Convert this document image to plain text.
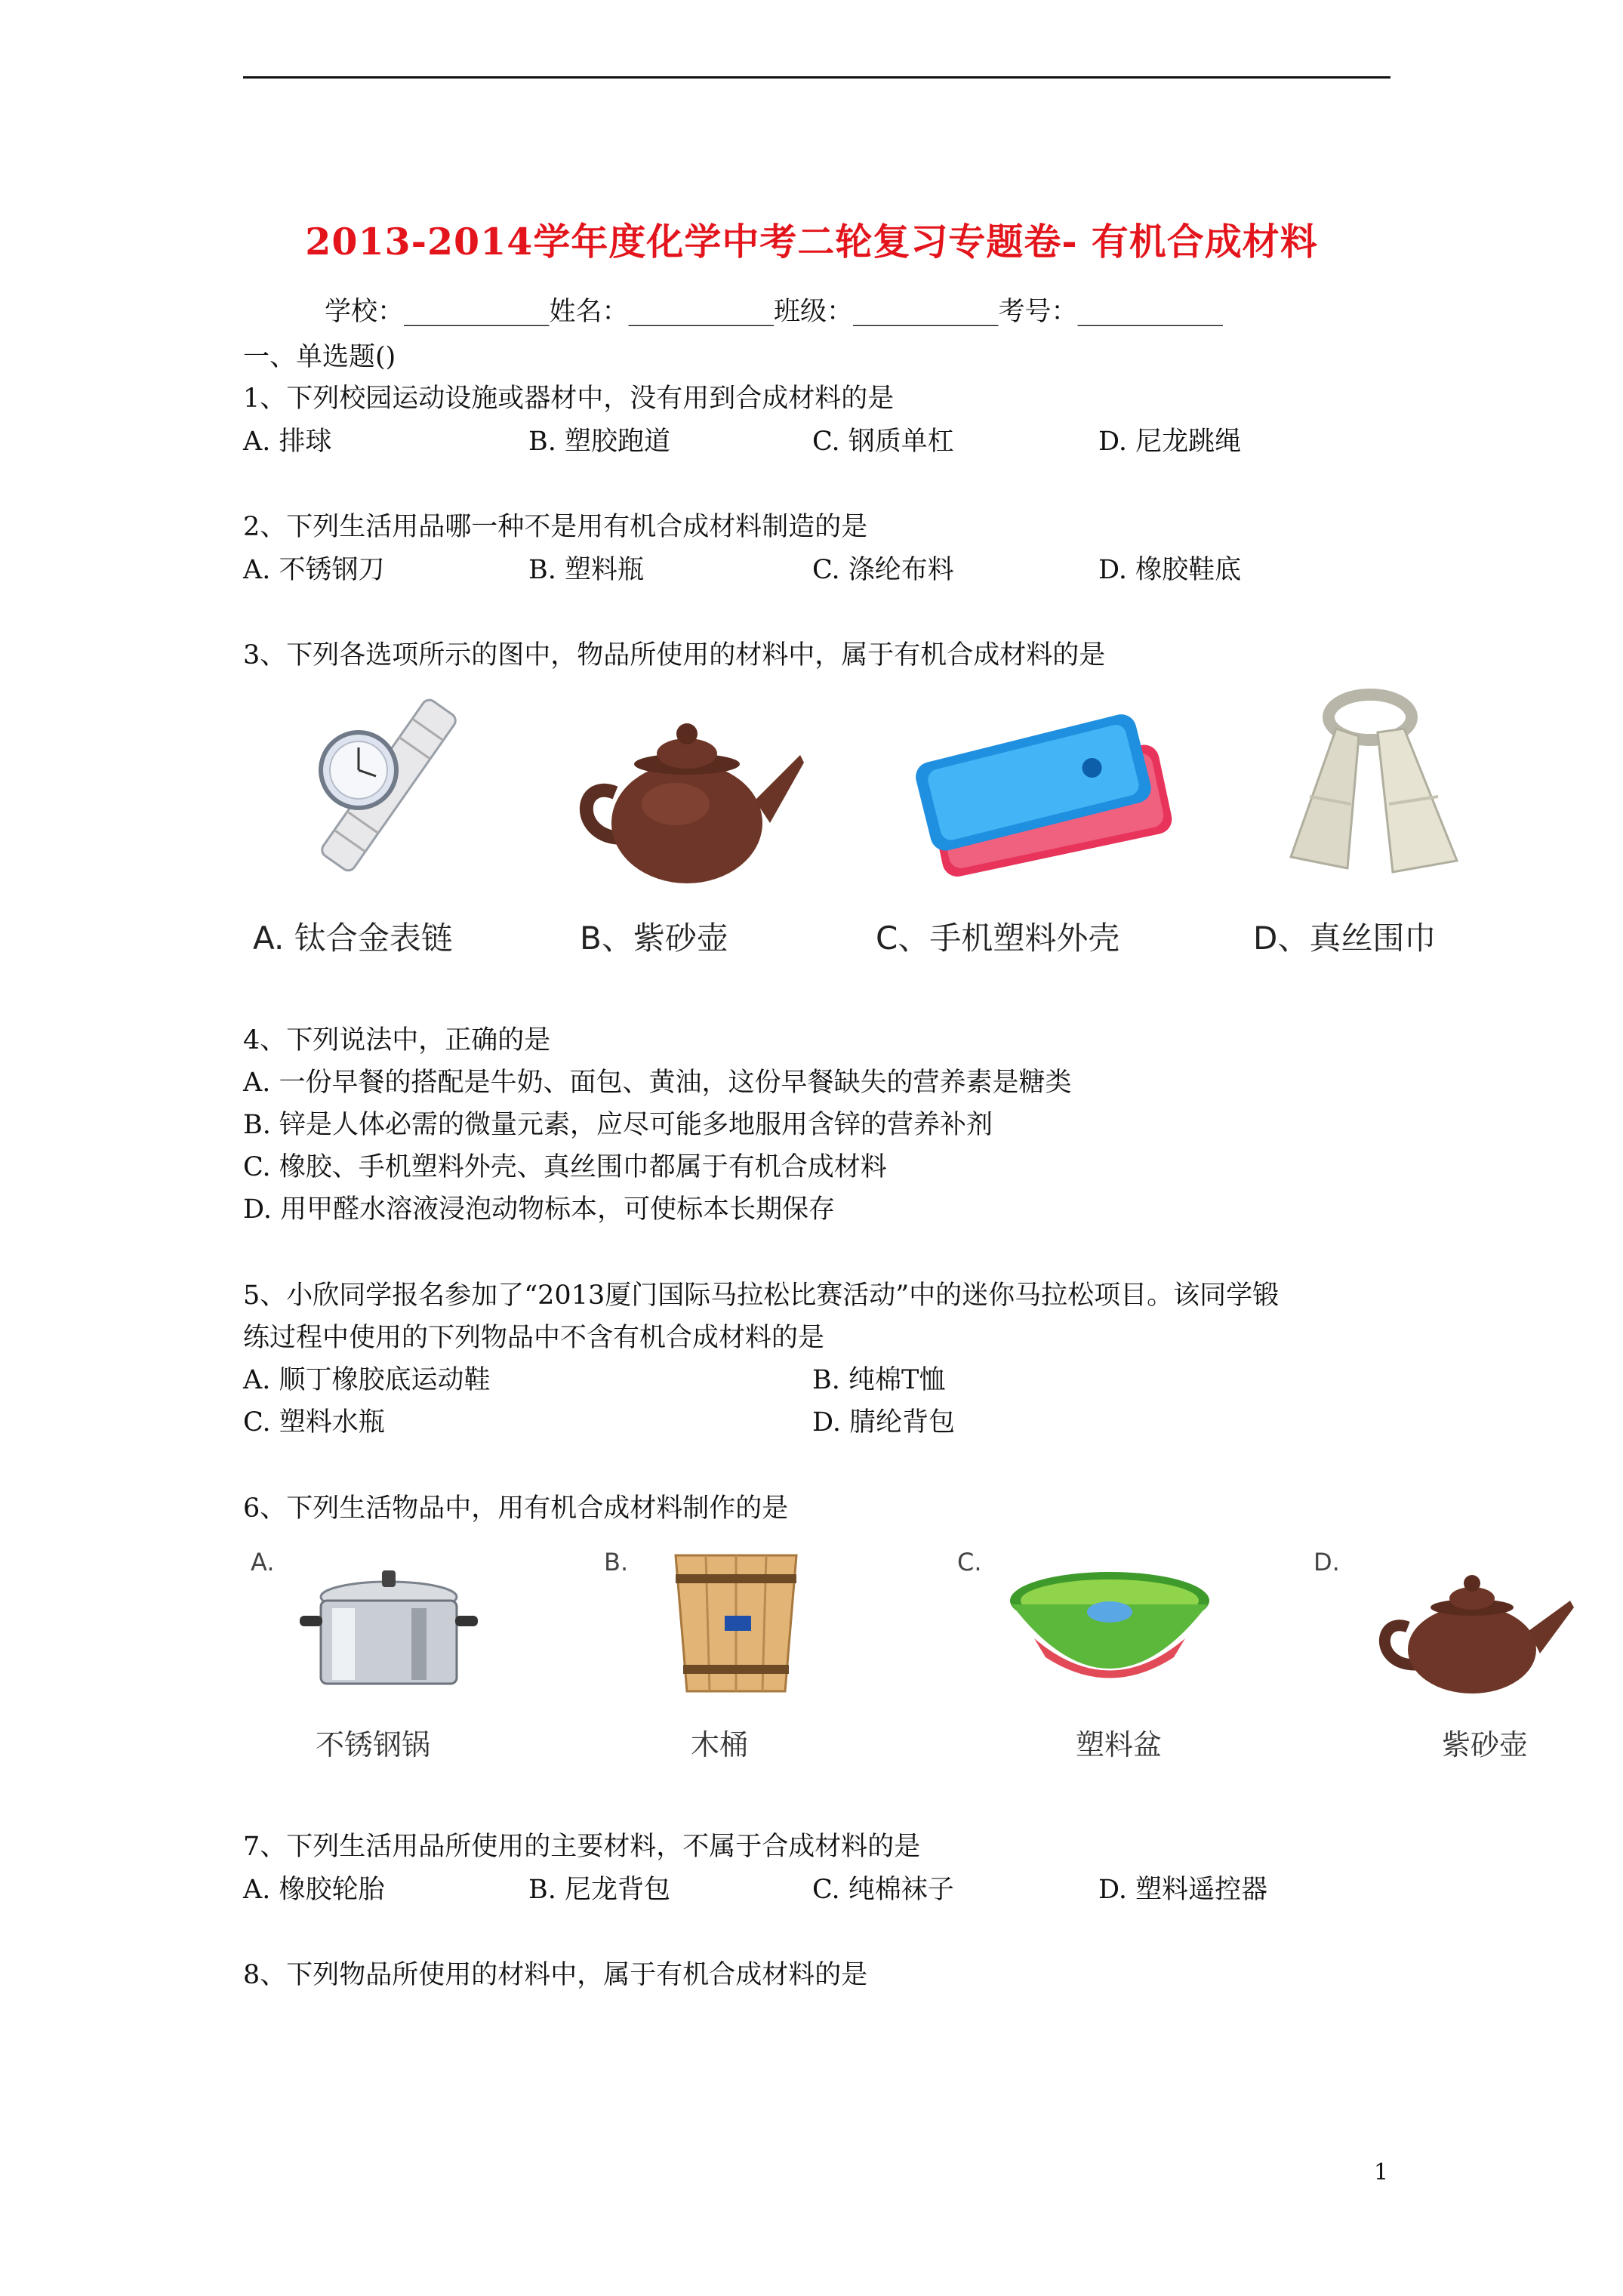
2013-2014学年度化学中考二轮复习专题卷- 有机合成材料
学校：___________姓名：___________班级：___________考号：___________
一、单选题()
1、下列校园运动设施或器材中，没有用到合成材料的是
A. 排球	B. 塑胶跑道	C. 钢质单杠	D. 尼龙跳绳
2、下列生活用品哪一种不是用有机合成材料制造的是
A. 不锈钢刀	B. 塑料瓶	C. 涤纶布料	D. 橡胶鞋底
3、下列各选项所示的图中，物品所使用的材料中，属于有机合成材料的是
A. 钛合金表链	B、紫砂壶	C、手机塑料外壳	D、真丝围巾
4、下列说法中，正确的是
A. 一份早餐的搭配是牛奶、面包、黄油，这份早餐缺失的营养素是糖类
B. 锌是人体必需的微量元素，应尽可能多地服用含锌的营养补剂
C. 橡胶、手机塑料外壳、真丝围巾都属于有机合成材料
D. 用甲醛水溶液浸泡动物标本，可使标本长期保存
5、小欣同学报名参加了“2013厦门国际马拉松比赛活动”中的迷你马拉松项目。该同学锻
练过程中使用的下列物品中不含有机合成材料的是
A. 顺丁橡胶底运动鞋	B. 纯棉T恤
C. 塑料水瓶	D. 腈纶背包
6、下列生活物品中，用有机合成材料制作的是
A.	B.	C.	D.
不锈钢锅	木桶	塑料盆	紫砂壶
7、下列生活用品所使用的主要材料，不属于合成材料的是
A. 橡胶轮胎	B. 尼龙背包	C. 纯棉袜子	D. 塑料遥控器
8、下列物品所使用的材料中，属于有机合成材料的是
1
